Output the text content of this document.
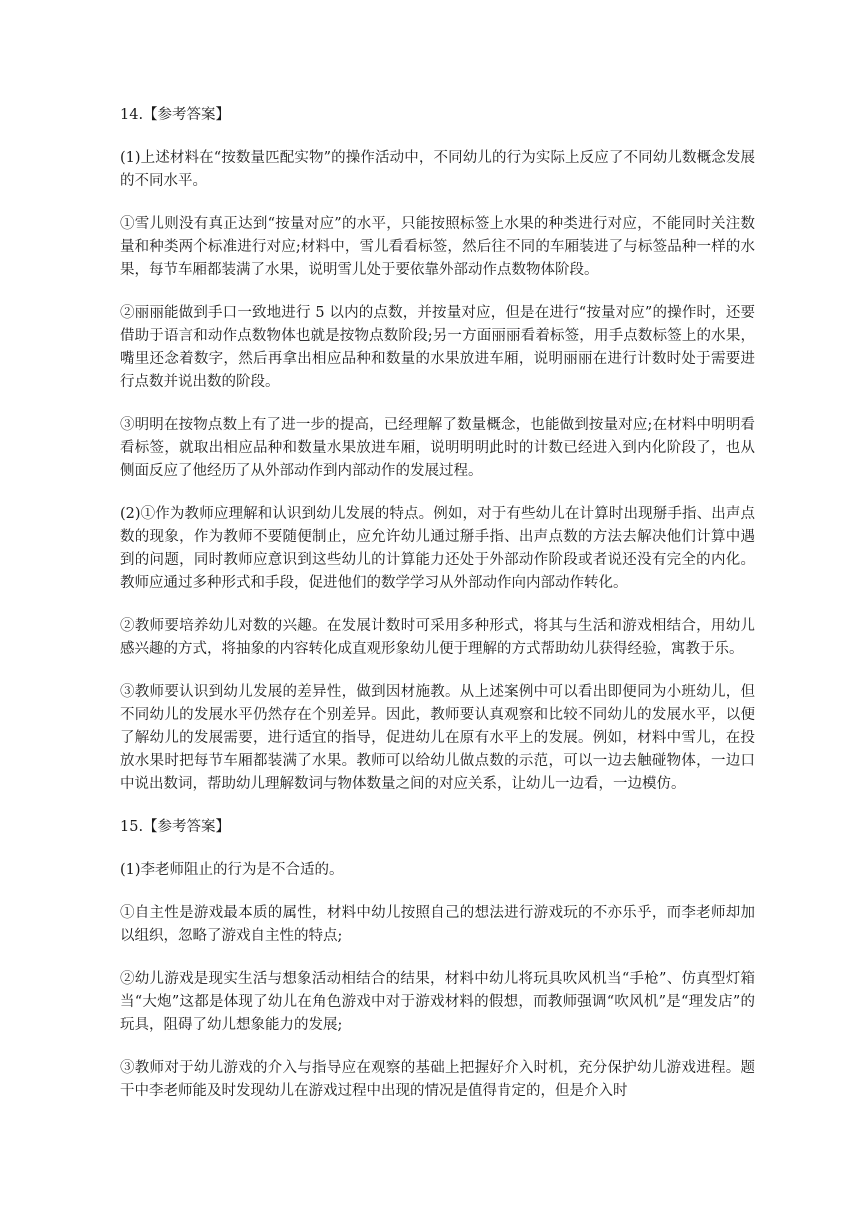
14.【参考答案】

(1)上述材料在“按数量匹配实物”的操作活动中，不同幼儿的行为实际上反应了不同幼儿数概念发展的不同水平。

①雪儿则没有真正达到“按量对应”的水平，只能按照标签上水果的种类进行对应，不能同时关注数量和种类两个标准进行对应;材料中，雪儿看看标签，然后往不同的车厢装进了与标签品种一样的水果，每节车厢都装满了水果，说明雪儿处于要依靠外部动作点数物体阶段。

②丽丽能做到手口一致地进行 5 以内的点数，并按量对应，但是在进行“按量对应”的操作时，还要借助于语言和动作点数物体也就是按物点数阶段;另一方面丽丽看着标签，用手点数标签上的水果，嘴里还念着数字，然后再拿出相应品种和数量的水果放进车厢，说明丽丽在进行计数时处于需要进行点数并说出数的阶段。

③明明在按物点数上有了进一步的提高，已经理解了数量概念，也能做到按量对应;在材料中明明看看标签，就取出相应品种和数量水果放进车厢，说明明明此时的计数已经进入到内化阶段了，也从侧面反应了他经历了从外部动作到内部动作的发展过程。

(2)①作为教师应理解和认识到幼儿发展的特点。例如，对于有些幼儿在计算时出现掰手指、出声点数的现象，作为教师不要随便制止，应允许幼儿通过掰手指、出声点数的方法去解决他们计算中遇到的问题，同时教师应意识到这些幼儿的计算能力还处于外部动作阶段或者说还没有完全的内化。教师应通过多种形式和手段，促进他们的数学学习从外部动作向内部动作转化。

②教师要培养幼儿对数的兴趣。在发展计数时可采用多种形式，将其与生活和游戏相结合，用幼儿感兴趣的方式，将抽象的内容转化成直观形象幼儿便于理解的方式帮助幼儿获得经验，寓教于乐。

③教师要认识到幼儿发展的差异性，做到因材施教。从上述案例中可以看出即便同为小班幼儿，但不同幼儿的发展水平仍然存在个别差异。因此，教师要认真观察和比较不同幼儿的发展水平，以便了解幼儿的发展需要，进行适宜的指导，促进幼儿在原有水平上的发展。例如，材料中雪儿，在投放水果时把每节车厢都装满了水果。教师可以给幼儿做点数的示范，可以一边去触碰物体，一边口中说出数词，帮助幼儿理解数词与物体数量之间的对应关系，让幼儿一边看，一边模仿。

15.【参考答案】

(1)李老师阻止的行为是不合适的。

①自主性是游戏最本质的属性，材料中幼儿按照自己的想法进行游戏玩的不亦乐乎，而李老师却加以组织，忽略了游戏自主性的特点;

②幼儿游戏是现实生活与想象活动相结合的结果，材料中幼儿将玩具吹风机当“手枪”、仿真型灯箱当“大炮”这都是体现了幼儿在角色游戏中对于游戏材料的假想，而教师强调“吹风机”是“理发店”的玩具，阻碍了幼儿想象能力的发展;

③教师对于幼儿游戏的介入与指导应在观察的基础上把握好介入时机，充分保护幼儿游戏进程。题干中李老师能及时发现幼儿在游戏过程中出现的情况是值得肯定的，但是介入时
